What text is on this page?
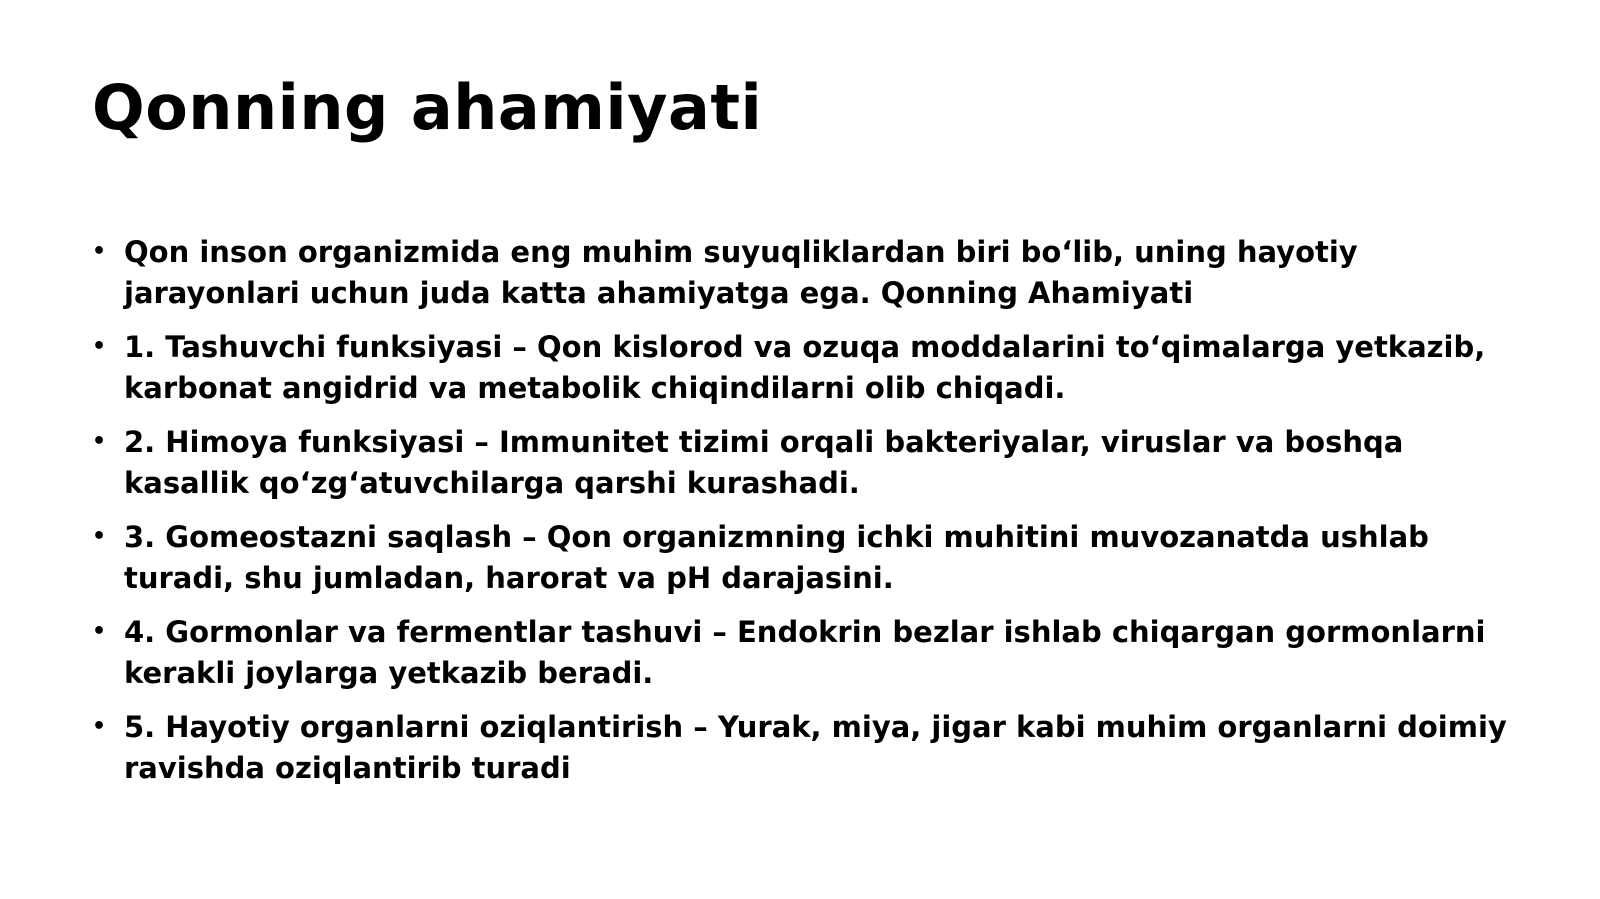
Qonning ahamiyati
• Qon inson organizmida eng muhim suyuqliklardan biri bo‘lib, uning hayotiy jarayonlari uchun juda katta ahamiyatga ega. Qonning Ahamiyati
• 1. Tashuvchi funksiyasi – Qon kislorod va ozuqa moddalarini to‘qimalarga yetkazib, karbonat angidrid va metabolik chiqindilarni olib chiqadi.
• 2. Himoya funksiyasi – Immunitet tizimi orqali bakteriyalar, viruslar va boshqa kasallik qo‘zg‘atuvchilarga qarshi kurashadi.
• 3. Gomeostazni saqlash – Qon organizmning ichki muhitini muvozanatda ushlab turadi, shu jumladan, harorat va pH darajasini.
• 4. Gormonlar va fermentlar tashuvi – Endokrin bezlar ishlab chiqargan gormonlarni kerakli joylarga yetkazib beradi.
• 5. Hayotiy organlarni oziqlantirish – Yurak, miya, jigar kabi muhim organlarni doimiy ravishda oziqlantirib turadi
